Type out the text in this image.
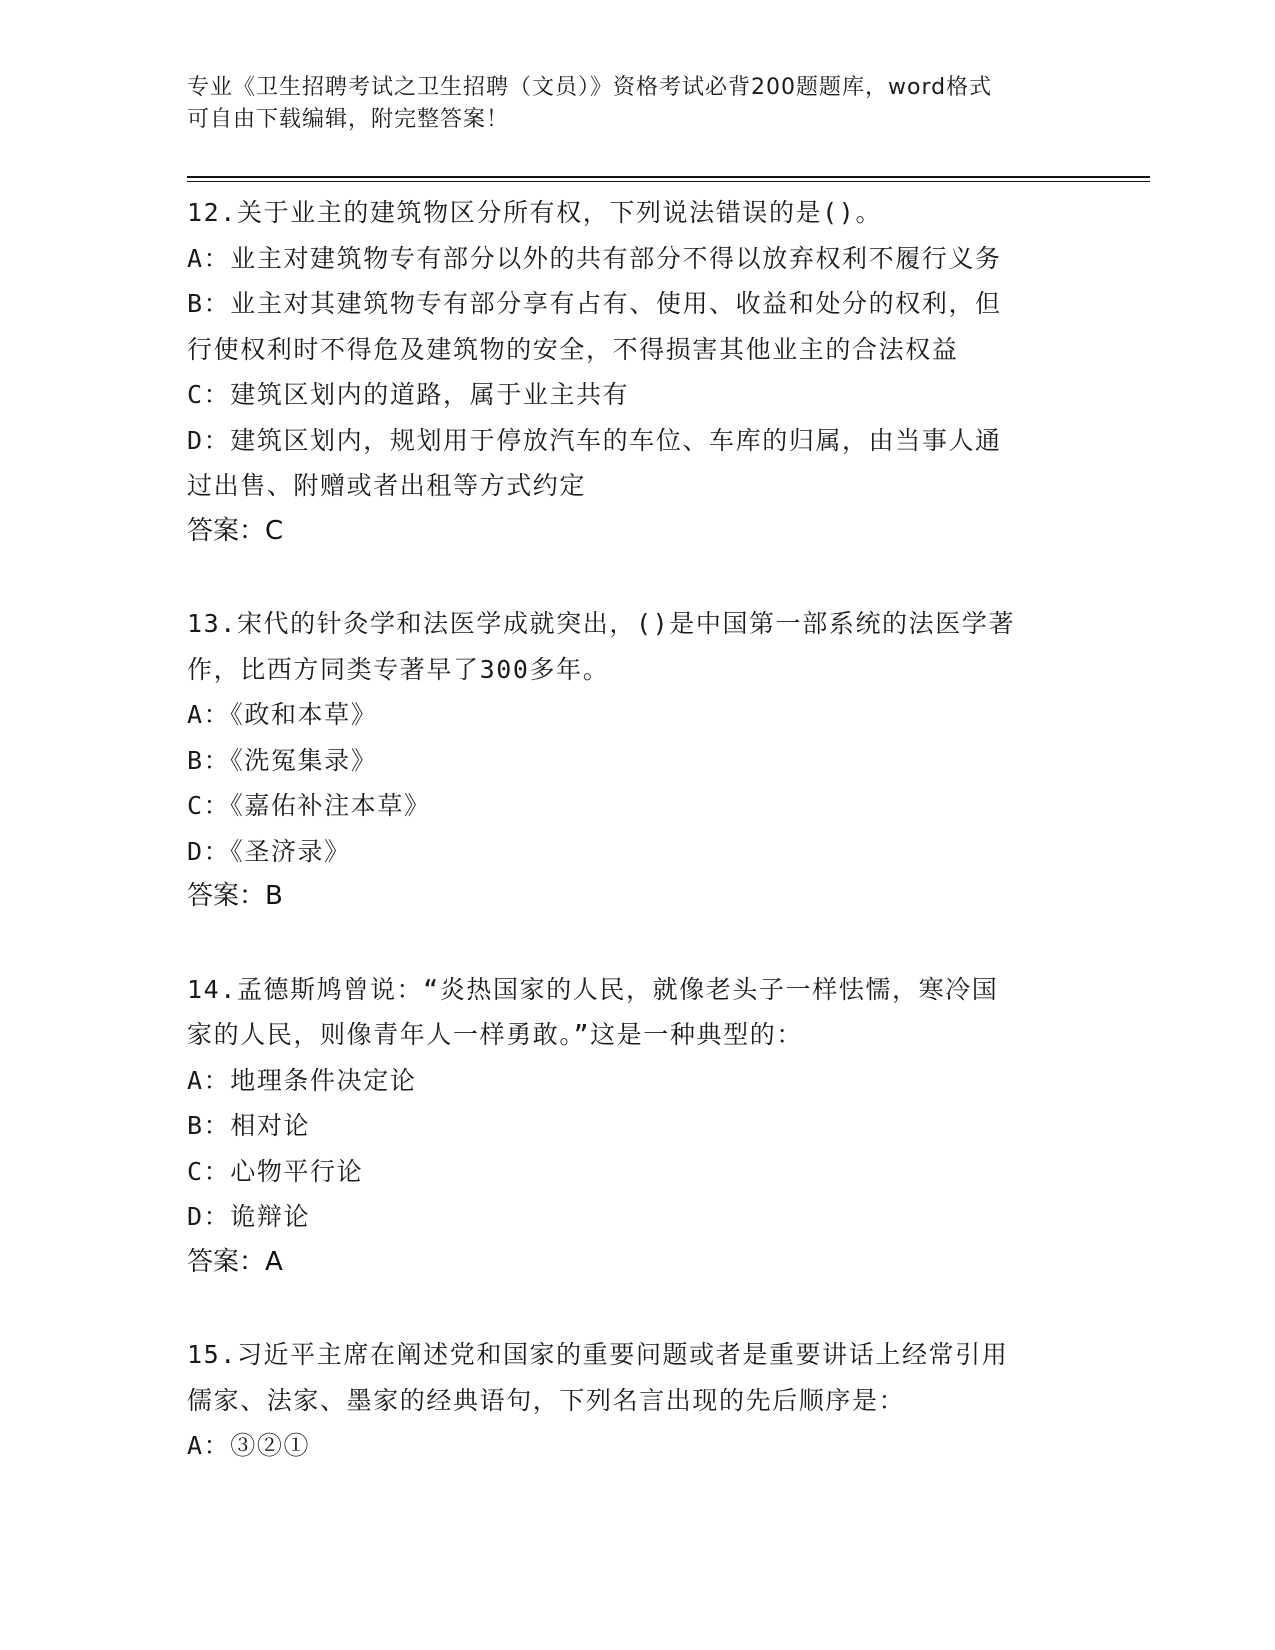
专业《卫生招聘考试之卫生招聘（文员）》资格考试必背200题题库，word格式
可自由下载编辑，附完整答案！

12.关于业主的建筑物区分所有权，下列说法错误的是()。

A：业主对建筑物专有部分以外的共有部分不得以放弃权利不履行义务

B：业主对其建筑物专有部分享有占有、使用、收益和处分的权利，但

行使权利时不得危及建筑物的安全，不得损害其他业主的合法权益

C：建筑区划内的道路，属于业主共有

D：建筑区划内，规划用于停放汽车的车位、车库的归属，由当事人通

过出售、附赠或者出租等方式约定

答案：C

13.宋代的针灸学和法医学成就突出，()是中国第一部系统的法医学著

作，比西方同类专著早了300多年。

A：《政和本草》

B：《洗冤集录》

C：《嘉佑补注本草》

D：《圣济录》

答案：B

14.孟德斯鸠曾说：“炎热国家的人民，就像老头子一样怯懦，寒冷国

家的人民，则像青年人一样勇敢。”这是一种典型的：

A：地理条件决定论

B：相对论

C：心物平行论

D：诡辩论

答案：A

15.习近平主席在阐述党和国家的重要问题或者是重要讲话上经常引用

儒家、法家、墨家的经典语句，下列名言出现的先后顺序是：

A：③②①
